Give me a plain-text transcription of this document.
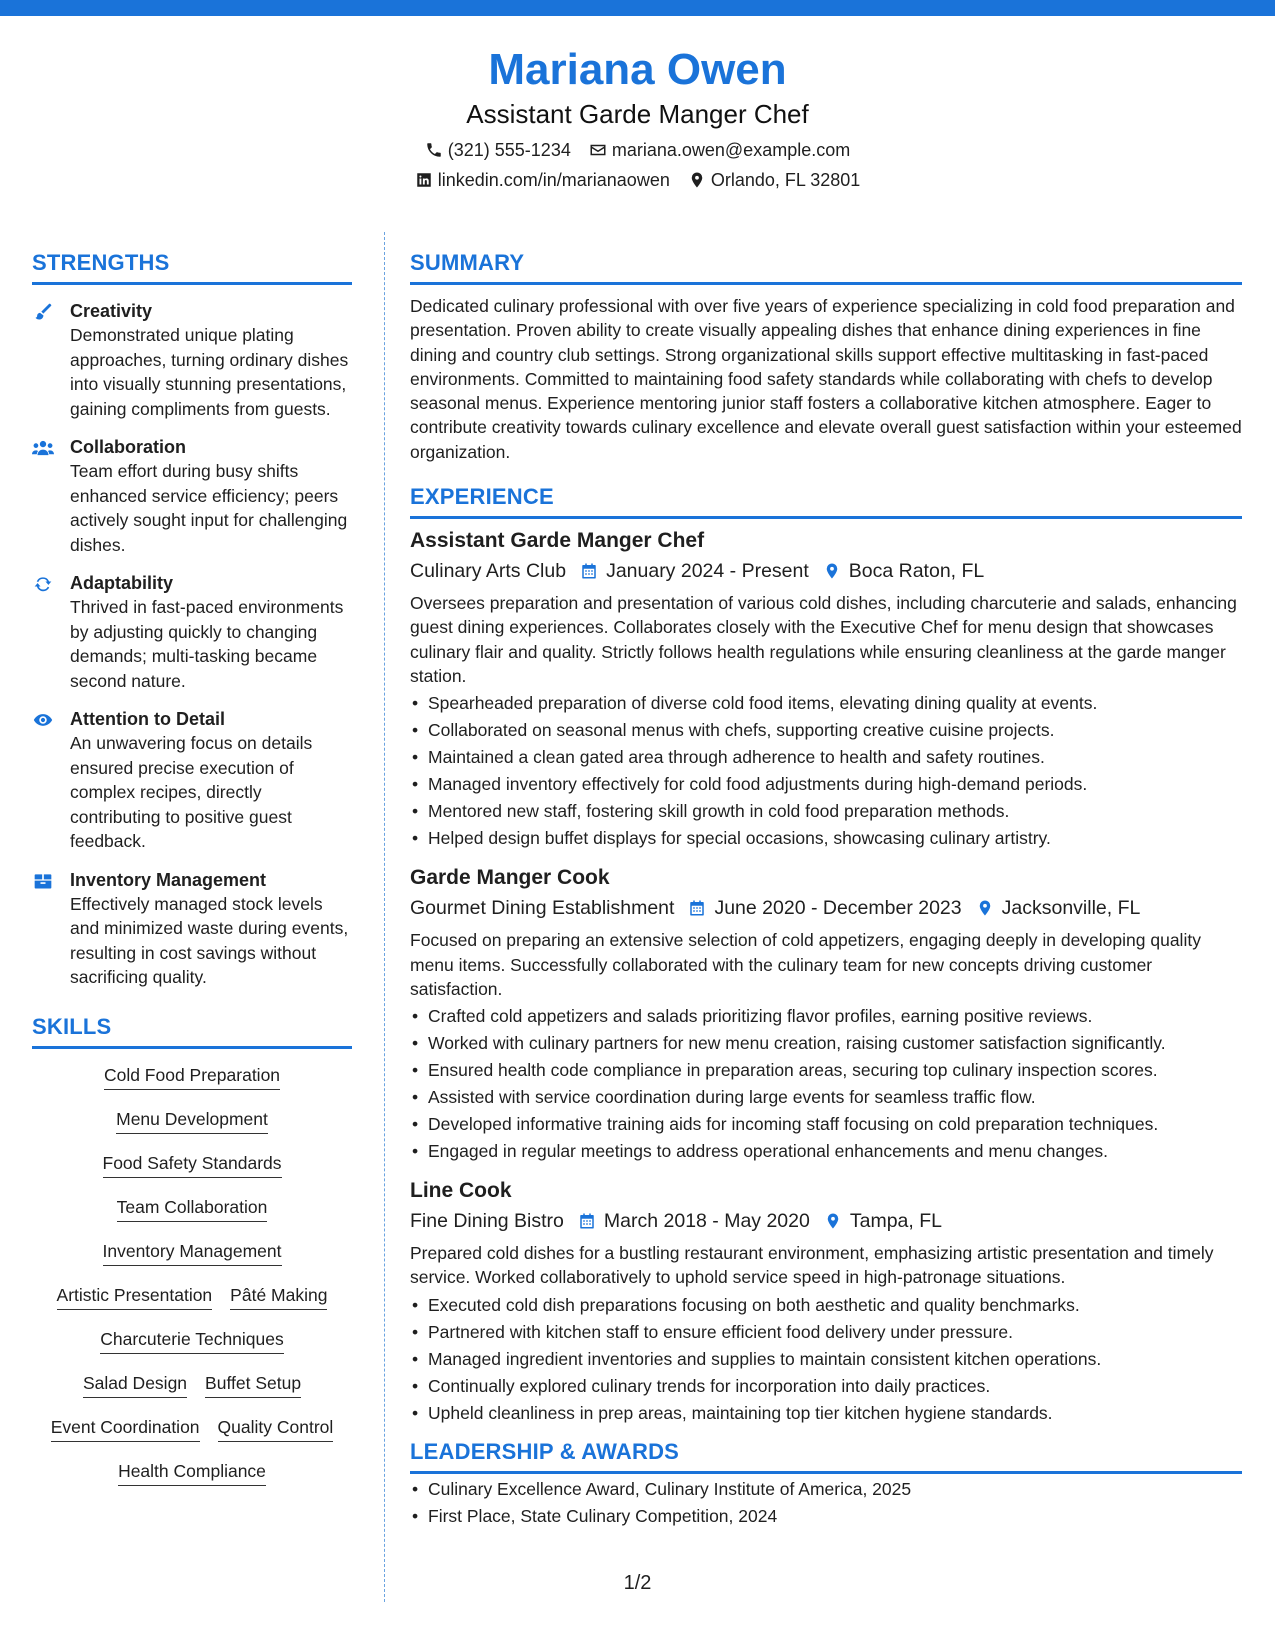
Mariana Owen
Assistant Garde Manger Chef
(321) 555-1234 mariana.owen@example.com
linkedin.com/in/marianaowen Orlando, FL 32801
STRENGTHS
Creativity
Demonstrated unique plating approaches, turning ordinary dishes into visually stunning presentations, gaining compliments from guests.
Collaboration
Team effort during busy shifts enhanced service efficiency; peers actively sought input for challenging dishes.
Adaptability
Thrived in fast-paced environments by adjusting quickly to changing demands; multi-tasking became second nature.
Attention to Detail
An unwavering focus on details ensured precise execution of complex recipes, directly contributing to positive guest feedback.
Inventory Management
Effectively managed stock levels and minimized waste during events, resulting in cost savings without sacrificing quality.
SKILLS
Cold Food Preparation
Menu Development
Food Safety Standards
Team Collaboration
Inventory Management
Artistic Presentation Pâté Making
Charcuterie Techniques
Salad Design Buffet Setup
Event Coordination Quality Control
Health Compliance
SUMMARY
Dedicated culinary professional with over five years of experience specializing in cold food preparation and presentation. Proven ability to create visually appealing dishes that enhance dining experiences in fine dining and country club settings. Strong organizational skills support effective multitasking in fast-paced environments. Committed to maintaining food safety standards while collaborating with chefs to develop seasonal menus. Experience mentoring junior staff fosters a collaborative kitchen atmosphere. Eager to contribute creativity towards culinary excellence and elevate overall guest satisfaction within your esteemed organization.
EXPERIENCE
Assistant Garde Manger Chef
Culinary Arts Club January 2024 - Present Boca Raton, FL
Oversees preparation and presentation of various cold dishes, including charcuterie and salads, enhancing guest dining experiences. Collaborates closely with the Executive Chef for menu design that showcases culinary flair and quality. Strictly follows health regulations while ensuring cleanliness at the garde manger station.
• Spearheaded preparation of diverse cold food items, elevating dining quality at events.
• Collaborated on seasonal menus with chefs, supporting creative cuisine projects.
• Maintained a clean gated area through adherence to health and safety routines.
• Managed inventory effectively for cold food adjustments during high-demand periods.
• Mentored new staff, fostering skill growth in cold food preparation methods.
• Helped design buffet displays for special occasions, showcasing culinary artistry.
Garde Manger Cook
Gourmet Dining Establishment June 2020 - December 2023 Jacksonville, FL
Focused on preparing an extensive selection of cold appetizers, engaging deeply in developing quality menu items. Successfully collaborated with the culinary team for new concepts driving customer satisfaction.
• Crafted cold appetizers and salads prioritizing flavor profiles, earning positive reviews.
• Worked with culinary partners for new menu creation, raising customer satisfaction significantly.
• Ensured health code compliance in preparation areas, securing top culinary inspection scores.
• Assisted with service coordination during large events for seamless traffic flow.
• Developed informative training aids for incoming staff focusing on cold preparation techniques.
• Engaged in regular meetings to address operational enhancements and menu changes.
Line Cook
Fine Dining Bistro March 2018 - May 2020 Tampa, FL
Prepared cold dishes for a bustling restaurant environment, emphasizing artistic presentation and timely service. Worked collaboratively to uphold service speed in high-patronage situations.
• Executed cold dish preparations focusing on both aesthetic and quality benchmarks.
• Partnered with kitchen staff to ensure efficient food delivery under pressure.
• Managed ingredient inventories and supplies to maintain consistent kitchen operations.
• Continually explored culinary trends for incorporation into daily practices.
• Upheld cleanliness in prep areas, maintaining top tier kitchen hygiene standards.
LEADERSHIP & AWARDS
• Culinary Excellence Award, Culinary Institute of America, 2025
• First Place, State Culinary Competition, 2024
1/2
